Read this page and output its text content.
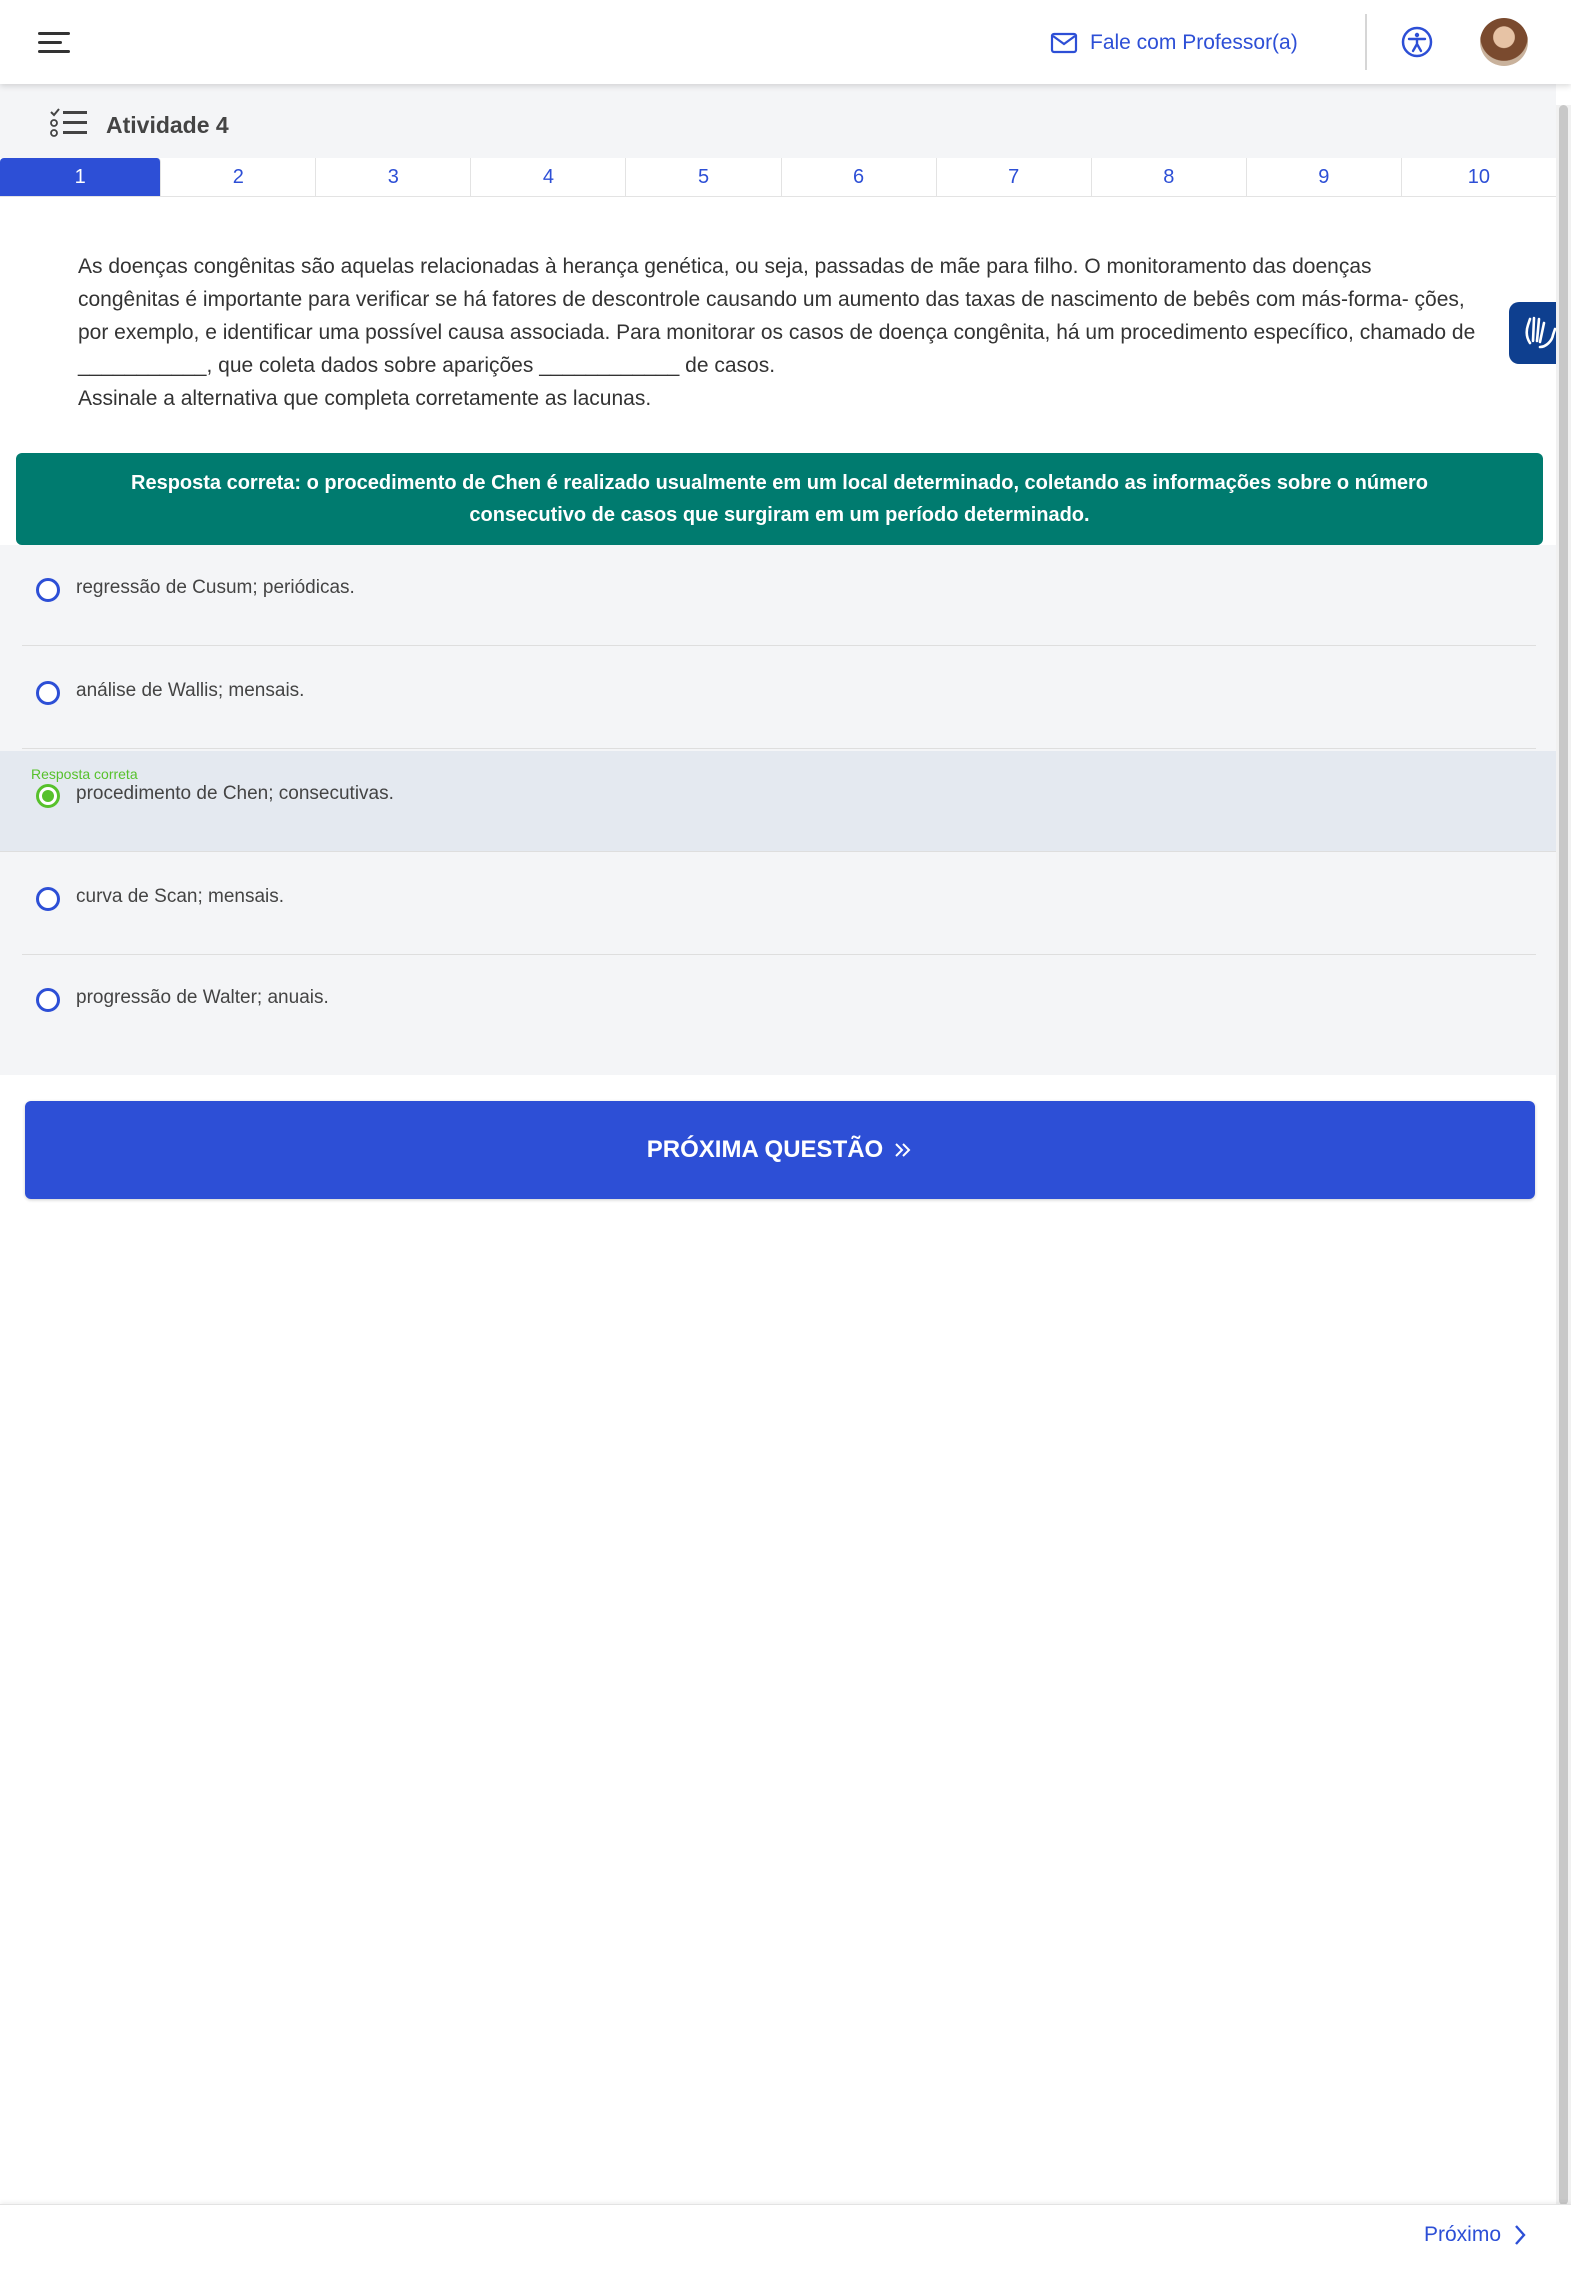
Fale com Professor(a)
Atividade 4
1	2	3	4	5	6	7	8	9	10

As doenças congênitas são aquelas relacionadas à herança genética, ou seja, passadas de mãe para filho. O monitoramento das doenças congênitas é importante para verificar se há fatores de descontrole causando um aumento das taxas de nascimento de bebês com más-forma- ções, por exemplo, e identificar uma possível causa associada. Para monitorar os casos de doença congênita, há um procedimento específico, chamado de ___________, que coleta dados sobre aparições ____________ de casos.

Assinale a alternativa que completa corretamente as lacunas.

Resposta correta: o procedimento de Chen é realizado usualmente em um local determinado, coletando as informações sobre o número consecutivo de casos que surgiram em um período determinado.
regressão de Cusum; periódicas.
análise de Wallis; mensais.
Resposta correta
procedimento de Chen; consecutivas.
curva de Scan; mensais.
progressão de Walter; anuais.
PRÓXIMA QUESTÃO
Próximo
